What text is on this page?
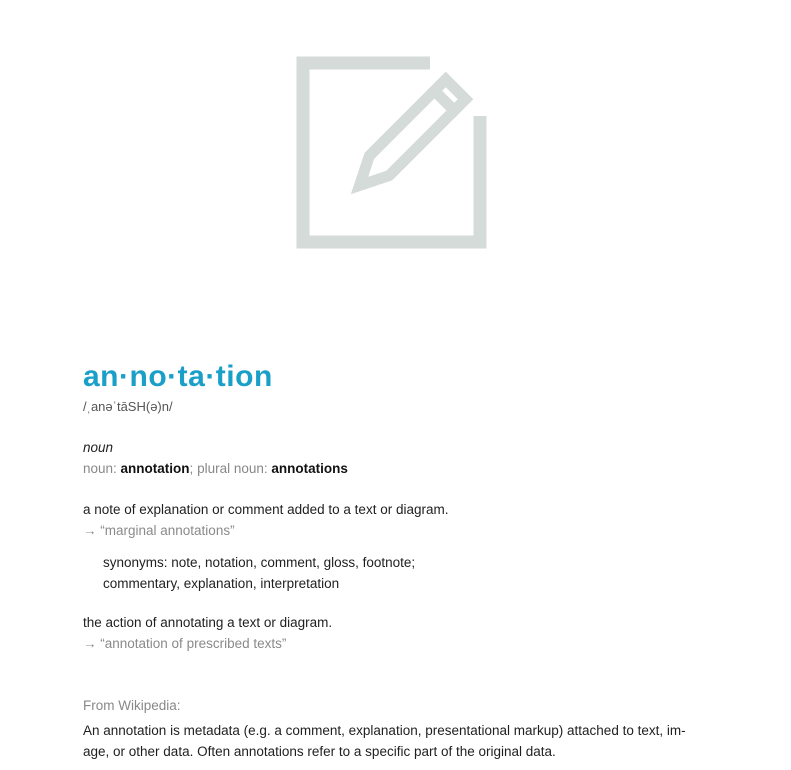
an·no·ta·tion
/ˌanəˈtāSH(ə)n/
noun
noun: annotation; plural noun: annotations
a note of explanation or comment added to a text or diagram.
→ “marginal annotations”
synonyms: note, notation, comment, gloss, footnote;
commentary, explanation, interpretation
the action of annotating a text or diagram.
→ “annotation of prescribed texts”
From Wikipedia:
An annotation is metadata (e.g. a comment, explanation, presentational markup) attached to text, im-
age, or other data. Often annotations refer to a specific part of the original data.
